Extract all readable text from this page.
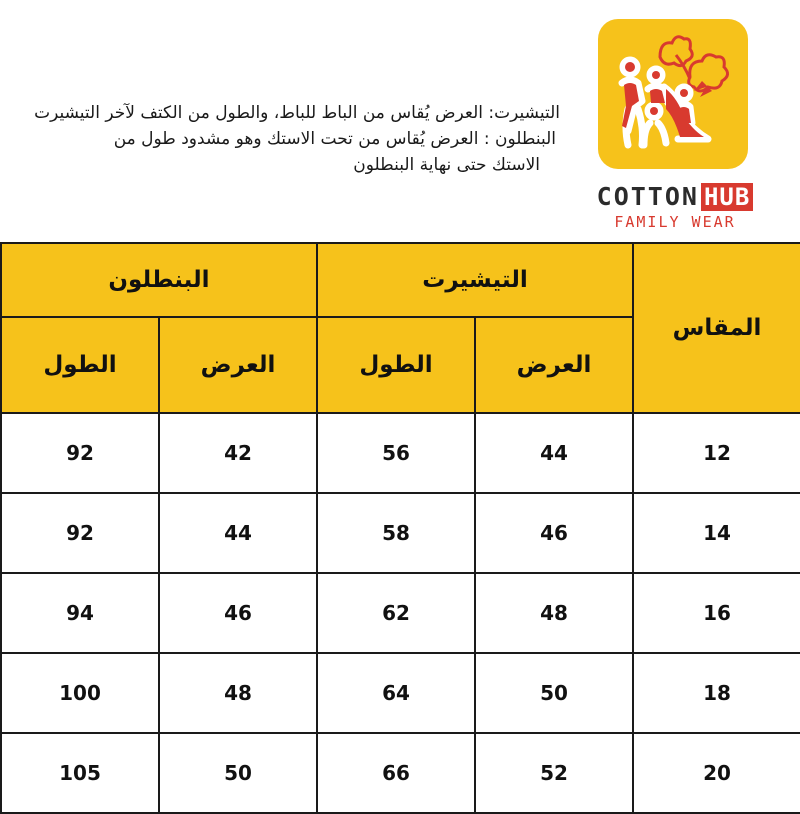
التيشيرت: العرض يُقاس من الباط للباط، والطول من الكتف لآخر التيشيرت

البنطلون : العرض يُقاس من تحت الاستك وهو مشدود طول من
الاستك حتى نهاية البنطلون

COTTON HUB
FAMILY WEAR
البنطلون		التيشيرت		المقاس
الطول	العرض	الطول	العرض	
92	42	56	44	12
92	44	58	46	14
94	46	62	48	16
100	48	64	50	18
105	50	66	52	20
